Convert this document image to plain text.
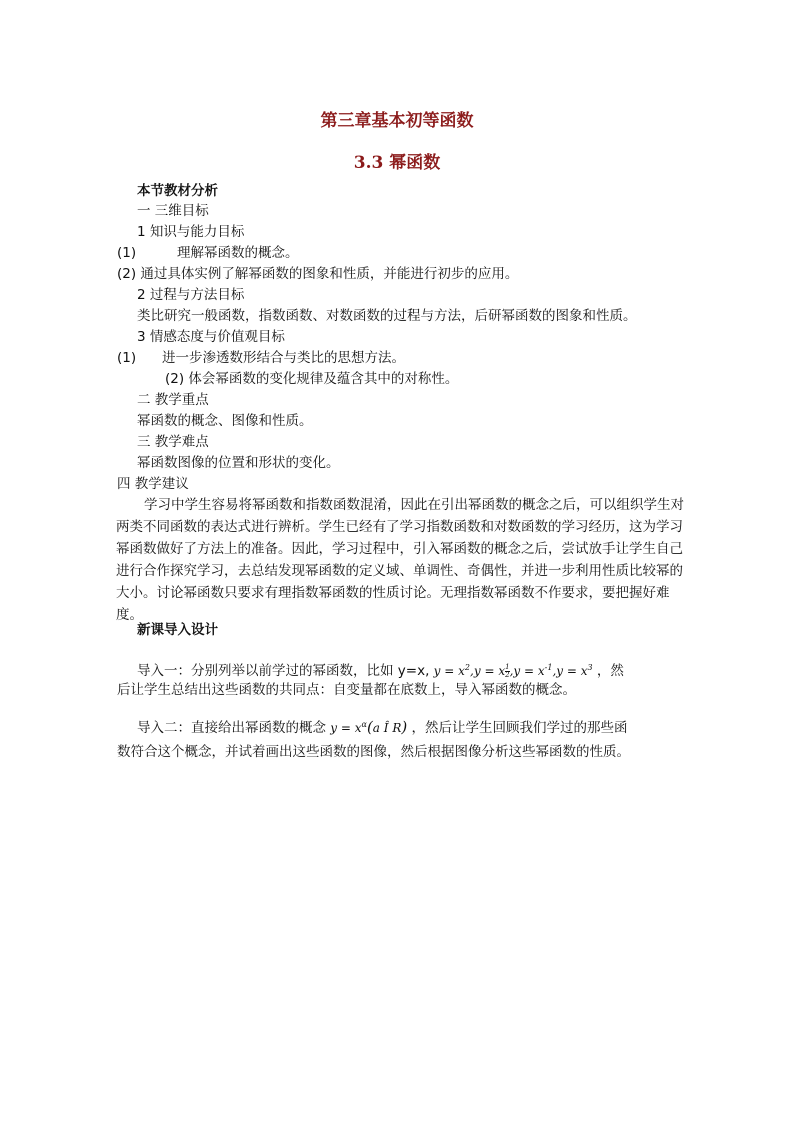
第三章基本初等函数
3.3 幂函数
本节教材分析
一 三维目标
1 知识与能力目标
(1)	理解幂函数的概念。
(2) 通过具体实例了解幂函数的图象和性质，并能进行初步的应用。
2 过程与方法目标
类比研究一般函数，指数函数、对数函数的过程与方法，后研幂函数的图象和性质。
3 情感态度与价值观目标
(1) 进一步渗透数形结合与类比的思想方法。
(2) 体会幂函数的变化规律及蕴含其中的对称性。
二 教学重点
幂函数的概念、图像和性质。
三 教学难点
幂函数图像的位置和形状的变化。
四 教学建议
学习中学生容易将幂函数和指数函数混淆，因此在引出幂函数的概念之后，可以组织学生对两类不同函数的表达式进行辨析。学生已经有了学习指数函数和对数函数的学习经历，这为学习幂函数做好了方法上的准备。因此，学习过程中，引入幂函数的概念之后，尝试放手让学生自己进行合作探究学习，去总结发现幂函数的定义域、单调性、奇偶性，并进一步利用性质比较幂的大小。讨论幂函数只要求有理指数幂函数的性质讨论。无理指数幂函数不作要求，要把握好难度。
新课导入设计
导入一：分别列举以前学过的幂函数，比如 y=x, $y = x^2,y = x \frac{1}{2} ,y = x^{-1},y = x^3$ ，然
后让学生总结出这些函数的共同点：自变量都在底数上，导入幂函数的概念。
导入二：直接给出幂函数的概念 $y = x^\alpha(a$ Î R) ，然后让学生回顾我们学过的那些函
数符合这个概念，并试着画出这些函数的图像，然后根据图像分析这些幂函数的性质。
